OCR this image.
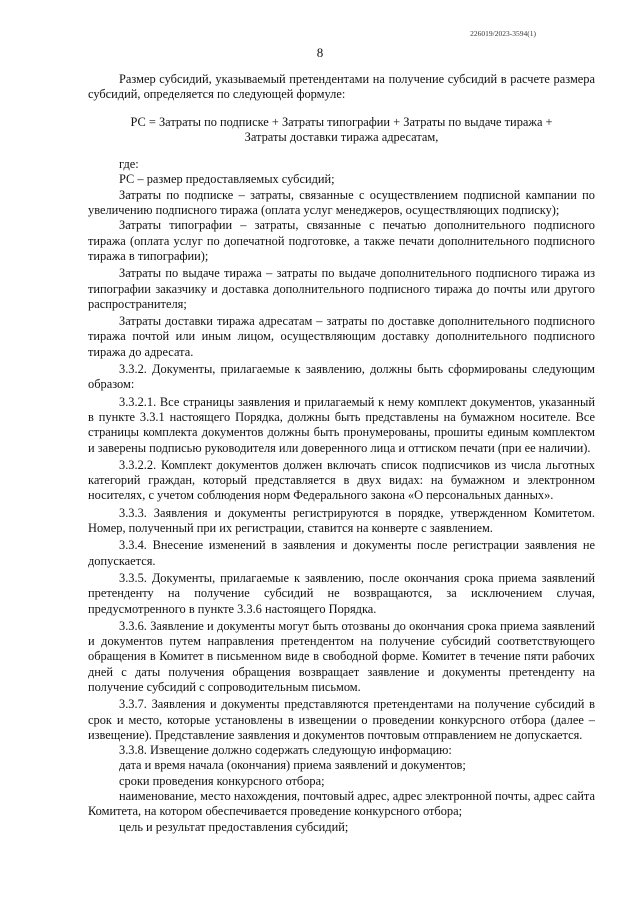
226019/2023-3594(1)
8

Размер субсидий, указываемый претендентами на получение субсидий в расчете размера субсидий, определяется по следующей формуле:

РС = Затраты по подписке + Затраты типографии + Затраты по выдаче тиража +

Затраты доставки тиража адресатам,

где:

РС – размер предоставляемых субсидий;

Затраты по подписке – затраты, связанные с осуществлением подписной кампании по увеличению подписного тиража (оплата услуг менеджеров, осуществляющих подписку);

Затраты типографии – затраты, связанные с печатью дополнительного подписного тиража (оплата услуг по допечатной подготовке, а также печати дополнительного подписного тиража в типографии);

Затраты по выдаче тиража – затраты по выдаче дополнительного подписного тиража из типографии заказчику и доставка дополнительного подписного тиража до почты или другого распространителя;

Затраты доставки тиража адресатам – затраты по доставке дополнительного подписного тиража почтой или иным лицом, осуществляющим доставку дополнительного подписного тиража до адресата.

3.3.2. Документы, прилагаемые к заявлению, должны быть сформированы следующим образом:

3.3.2.1. Все страницы заявления и прилагаемый к нему комплект документов, указанный в пункте 3.3.1 настоящего Порядка, должны быть представлены на бумажном носителе. Все страницы комплекта документов должны быть пронумерованы, прошиты единым комплектом и заверены подписью руководителя или доверенного лица и оттиском печати (при ее наличии).

3.3.2.2. Комплект документов должен включать список подписчиков из числа льготных категорий граждан, который представляется в двух видах: на бумажном и электронном носителях, с учетом соблюдения норм Федерального закона «О персональных данных».

3.3.3. Заявления и документы регистрируются в порядке, утвержденном Комитетом. Номер, полученный при их регистрации, ставится на конверте с заявлением.

3.3.4. Внесение изменений в заявления и документы после регистрации заявления не допускается.

3.3.5. Документы, прилагаемые к заявлению, после окончания срока приема заявлений претенденту на получение субсидий не возвращаются, за исключением случая, предусмотренного в пункте 3.3.6 настоящего Порядка.

3.3.6. Заявление и документы могут быть отозваны до окончания срока приема заявлений и документов путем направления претендентом на получение субсидий соответствующего обращения в Комитет в письменном виде в свободной форме. Комитет в течение пяти рабочих дней с даты получения обращения возвращает заявление и документы претенденту на получение субсидий с сопроводительным письмом.

3.3.7. Заявления и документы представляются претендентами на получение субсидий в срок и место, которые установлены в извещении о проведении конкурсного отбора (далее – извещение). Представление заявления и документов почтовым отправлением не допускается.

3.3.8. Извещение должно содержать следующую информацию:

дата и время начала (окончания) приема заявлений и документов;

сроки проведения конкурсного отбора;

наименование, место нахождения, почтовый адрес, адрес электронной почты, адрес сайта Комитета, на котором обеспечивается проведение конкурсного отбора;

цель и результат предоставления субсидий;
